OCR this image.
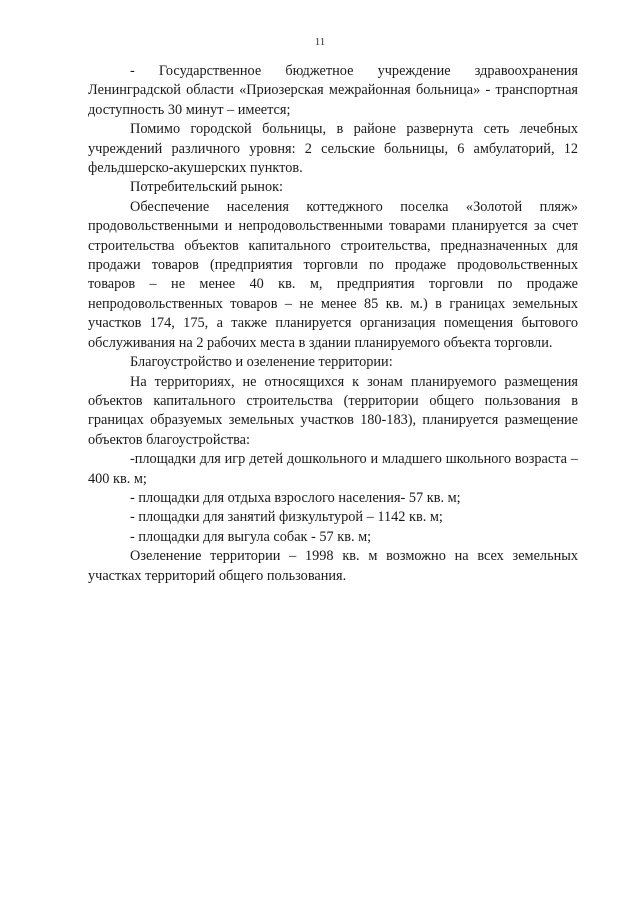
11

- Государственное бюджетное учреждение здравоохранения Ленинградской области «Приозерская межрайонная больница» - транспортная доступность 30 минут – имеется;

Помимо городской больницы, в районе развернута сеть лечебных учреждений различного уровня: 2 сельские больницы, 6 амбулаторий, 12 фельдшерско-акушерских пунктов.

Потребительский рынок:

Обеспечение населения коттеджного поселка «Золотой пляж» продовольственными и непродовольственными товарами планируется за счет строительства объектов капитального строительства, предназначенных для продажи товаров (предприятия торговли по продаже продовольственных товаров – не менее 40 кв. м, предприятия торговли по продаже непродовольственных товаров – не менее 85 кв. м.) в границах земельных участков 174, 175, а также планируется организация помещения бытового обслуживания на 2 рабочих места в здании планируемого объекта торговли.

Благоустройство и озеленение территории:

На территориях, не относящихся к зонам планируемого размещения объектов капитального строительства (территории общего пользования в границах образуемых земельных участков 180-183), планируется размещение объектов благоустройства:

-площадки для игр детей дошкольного и младшего школьного возраста – 400 кв. м;

- площадки для отдыха взрослого населения- 57 кв. м;

- площадки для занятий физкультурой – 1142 кв. м;

- площадки для выгула собак - 57 кв. м;

Озеленение территории – 1998 кв. м возможно на всех земельных участках территорий общего пользования.
